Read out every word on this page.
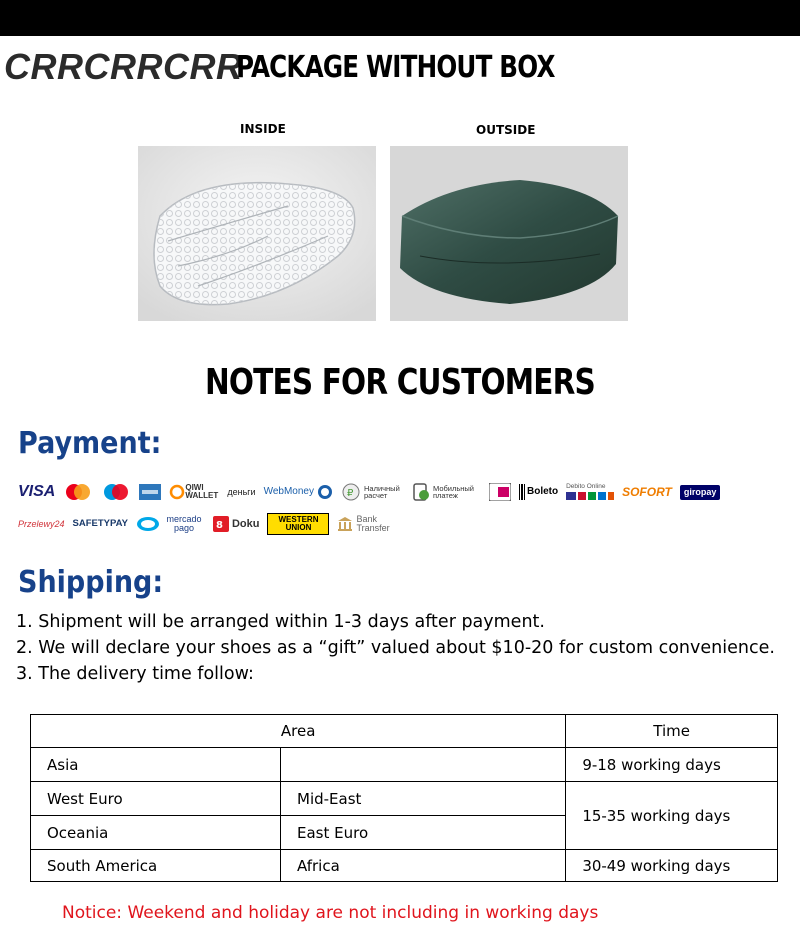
CRRCRRCRR
PACKAGE WITHOUT BOX
INSIDE	OUTSIDE
NOTES FOR CUSTOMERS
Payment:
VISA	QIWI WALLET деньги WebMoney	₽ Наличный расчет
Мобильный платеж	Boleto Debito Online SOFORT	giropay
Przelewy24 SAFETYPAY	mercado pago	8 Doku	WESTERN UNION
Bank Transfer
Shipping:
1. Shipment will be arranged within 1-3 days after payment.
2. We will declare your shoes as a “gift” valued about $10-20 for custom convenience.
3. The delivery time follow:
Area		Time
Asia		9-18 working days
West Euro	Mid-East	15-35 working days
Oceania	East Euro	
South America	Africa	30-49 working days
Notice: Weekend and holiday are not including in working days
